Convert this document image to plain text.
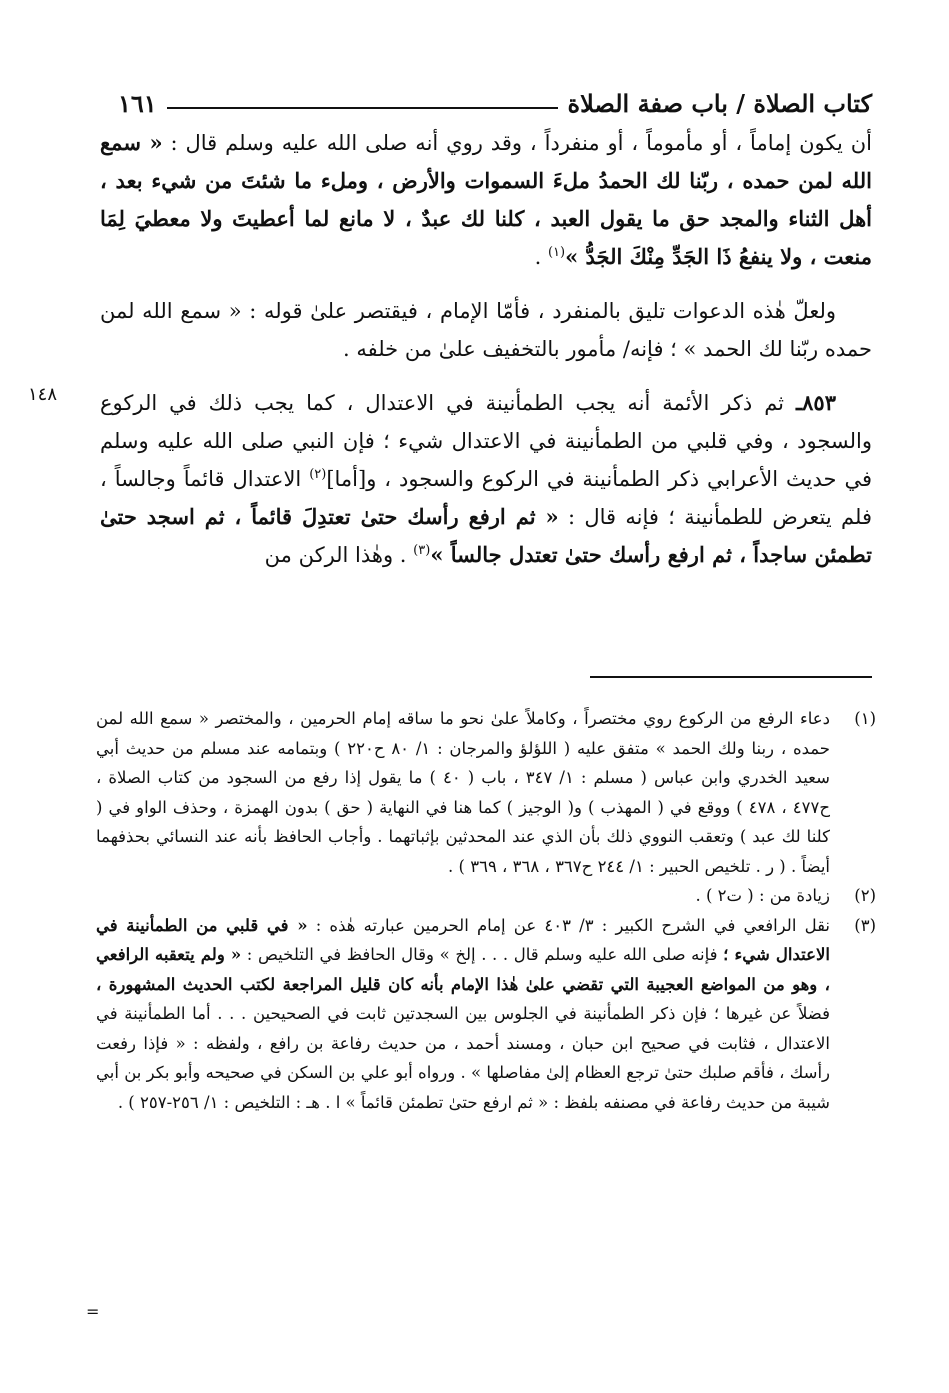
كتاب الصلاة / باب صفة الصلاة
١٦١
١٤٨

أن يكون إماماً ، أو مأموماً ، أو منفرداً ، وقد روي أنه صلى الله عليه وسلم قال : « سمع الله لمن حمده ، ربّنا لك الحمدُ ملءَ السموات والأرض ، وملء ما شئتَ من شيء بعد ، أهل الثناء والمجد حق ما يقول العبد ، كلنا لك عبدٌ ، لا مانع لما أعطيتَ ولا معطيَ لِمَا منعت ، ولا ينفعُ ذَا الجَدِّ مِنْكَ الجَدُّ »$^{(١)}$ .

ولعلّ هٰذه الدعوات تليق بالمنفرد ، فأمّا الإمام ، فيقتصر علىٰ قوله : « سمع الله لمن حمده ربّنا لك الحمد » ؛ فإنه/ مأمور بالتخفيف علىٰ من خلفه .

٨٥٣ـ ثم ذكر الأئمة أنه يجب الطمأنينة في الاعتدال ، كما يجب ذلك في الركوع والسجود ، وفي قلبي من الطمأنينة في الاعتدال شيء ؛ فإن النبي صلى الله عليه وسلم في حديث الأعرابي ذكر الطمأنينة في الركوع والسجود ، و[أما]$^{(٢)}$ الاعتدال قائماً وجالساً ، فلم يتعرض للطمأنينة ؛ فإنه قال : « ثم ارفع رأسك حتىٰ تعتدِلَ قائماً ، ثم اسجد حتىٰ تطمئن ساجداً ، ثم ارفع رأسك حتىٰ تعتدل جالساً »$^{(٣)}$ . وهٰذا الركن من

(١)
دعاء الرفع من الركوع روي مختصراً ، وكاملاً علىٰ نحو ما ساقه إمام الحرمين ، والمختصر « سمع الله لمن حمده ، ربنا ولك الحمد » متفق عليه ( اللؤلؤ والمرجان : ١/ ٨٠ ح٢٢٠ ) وبتمامه عند مسلم من حديث أبي سعيد الخدري وابن عباس ( مسلم : ١/ ٣٤٧ ، باب ( ٤٠ ) ما يقول إذا رفع من السجود من كتاب الصلاة ، ح٤٧٧ ، ٤٧٨ ) ووقع في ( المهذب ) و( الوجيز ) كما هنا في النهاية ( حق ) بدون الهمزة ، وحذف الواو في ( كلنا لك عبد ) وتعقب النووي ذلك بأن الذي عند المحدثين بإثباتهما . وأجاب الحافظ بأنه عند النسائي بحذفهما أيضاً . ( ر . تلخيص الحبير : ١/ ٢٤٤ ح٣٦٧ ، ٣٦٨ ، ٣٦٩ ) .
(٢)
زيادة من : ( ت٢ ) .
(٣)
نقل الرافعي في الشرح الكبير : ٣/ ٤٠٣ عن إمام الحرمين عبارته هٰذه : « في قلبي من الطمأنينة في الاعتدال شيء ؛ فإنه صلى الله عليه وسلم قال . . . إلخ » وقال الحافظ في التلخيص : « ولم يتعقبه الرافعي ، وهو من المواضع العجيبة التي تقضي علىٰ هٰذا الإمام بأنه كان قليل المراجعة لكتب الحديث المشهورة ، فضلاً عن غيرها ؛ فإن ذكر الطمأنينة في الجلوس بين السجدتين ثابت في الصحيحين . . . أما الطمأنينة في الاعتدال ، فثابت في صحيح ابن حبان ، ومسند أحمد ، من حديث رفاعة بن رافع ، ولفظه : « فإذا رفعت رأسك ، فأقم صلبك حتىٰ ترجع العظام إلىٰ مفاصلها » . ورواه أبو علي بن السكن في صحيحه وأبو بكر بن أبي شيبة من حديث رفاعة في مصنفه بلفظ : « ثم ارفع حتىٰ تطمئن قائماً » ا . هـ : التلخيص : ١/ ٢٥٦-٢٥٧ ) .
=
